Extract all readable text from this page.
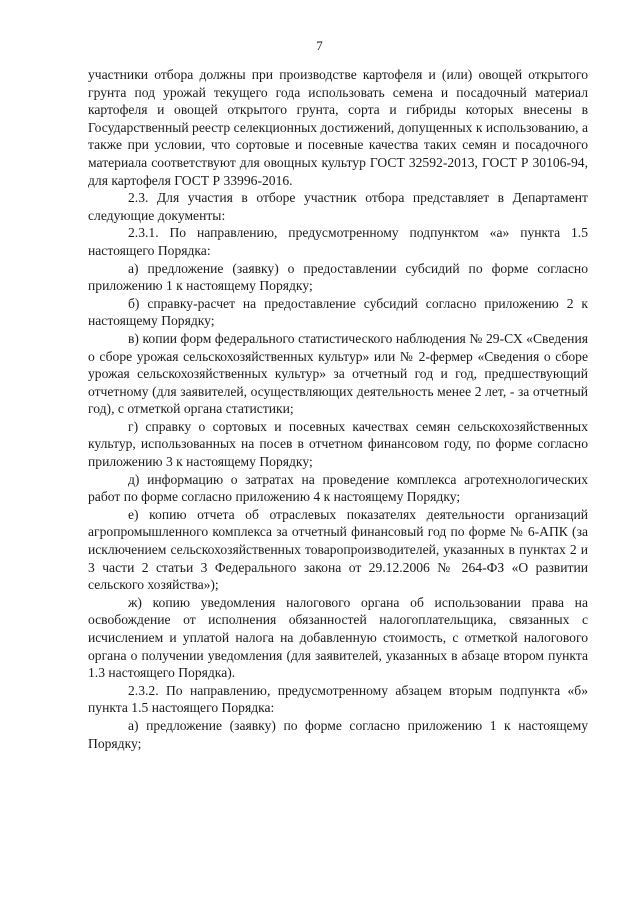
7

участники отбора должны при производстве картофеля и (или) овощей открытого грунта под урожай текущего года использовать семена и посадочный материал картофеля и овощей открытого грунта, сорта и гибриды которых внесены в Государственный реестр селекционных достижений, допущенных к использованию, а также при условии, что сортовые и посевные качества таких семян и посадочного материала соответствуют для овощных культур ГОСТ 32592-2013, ГОСТ Р 30106-94, для картофеля ГОСТ Р 33996-2016.

2.3. Для участия в отборе участник отбора представляет в Департамент следующие документы:

2.3.1. По направлению, предусмотренному подпунктом «а» пункта 1.5 настоящего Порядка:

а) предложение (заявку) о предоставлении субсидий по форме согласно приложению 1 к настоящему Порядку;

б) справку-расчет на предоставление субсидий согласно приложению 2 к настоящему Порядку;

в) копии форм федерального статистического наблюдения № 29-СХ «Сведения о сборе урожая сельскохозяйственных культур» или № 2-фермер «Сведения о сборе урожая сельскохозяйственных культур» за отчетный год и год, предшествующий отчетному (для заявителей, осуществляющих деятельность менее 2 лет, - за отчетный год), с отметкой органа статистики;

г) справку о сортовых и посевных качествах семян сельскохозяйственных культур, использованных на посев в отчетном финансовом году, по форме согласно приложению 3 к настоящему Порядку;

д) информацию о затратах на проведение комплекса агротехнологических работ по форме согласно приложению 4 к настоящему Порядку;

е) копию отчета об отраслевых показателях деятельности организаций агропромышленного комплекса за отчетный финансовый год по форме № 6-АПК (за исключением сельскохозяйственных товаропроизводителей, указанных в пунктах 2 и 3 части 2 статьи 3 Федерального закона от 29.12.2006 № 264-ФЗ «О развитии сельского хозяйства»);

ж) копию уведомления налогового органа об использовании права на освобождение от исполнения обязанностей налогоплательщика, связанных с исчислением и уплатой налога на добавленную стоимость, с отметкой налогового органа о получении уведомления (для заявителей, указанных в абзаце втором пункта 1.3 настоящего Порядка).

2.3.2. По направлению, предусмотренному абзацем вторым подпункта «б» пункта 1.5 настоящего Порядка:

а) предложение (заявку) по форме согласно приложению 1 к настоящему Порядку;
